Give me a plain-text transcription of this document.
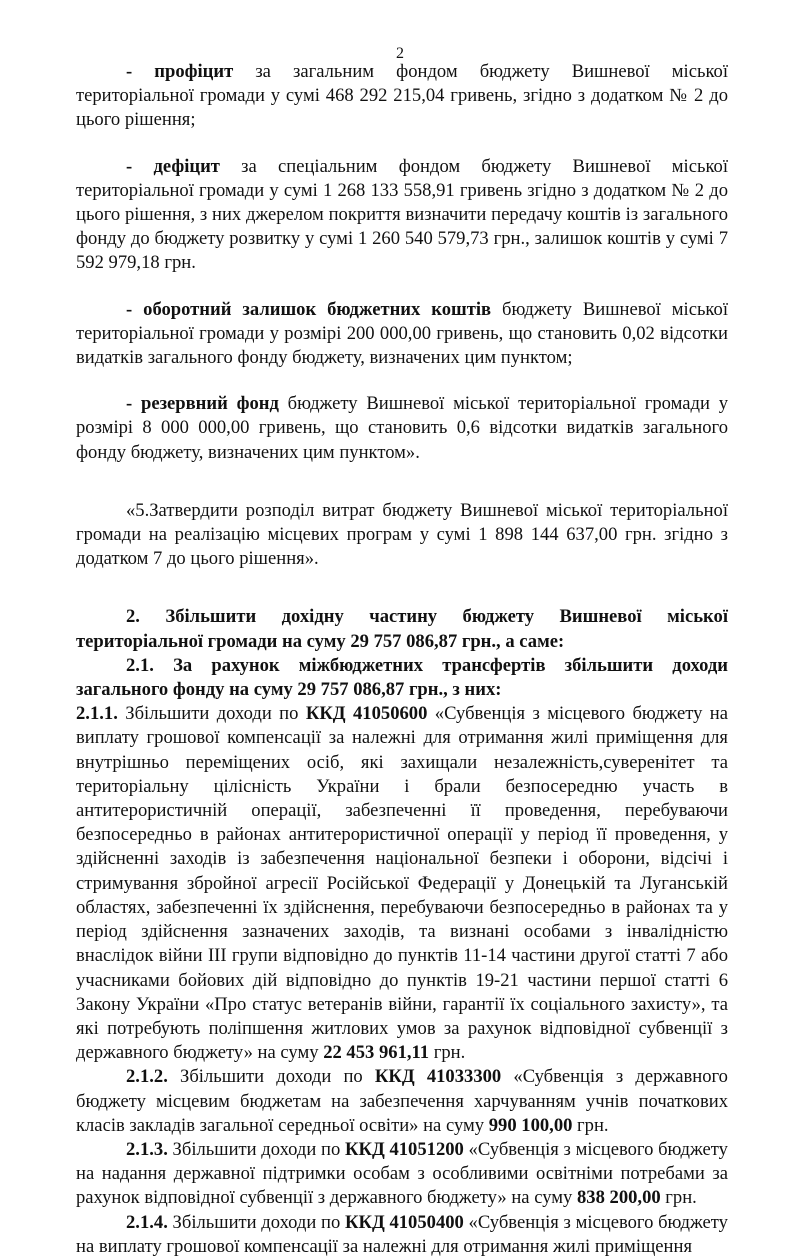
2

- профіцит за загальним фондом бюджету Вишневої міської територіальної громади у сумі 468 292 215,04 гривень, згідно з додатком № 2 до цього рішення;

- дефіцит за спеціальним фондом бюджету Вишневої міської територіальної громади у сумі 1 268 133 558,91 гривень згідно з додатком № 2 до цього рішення, з них джерелом покриття визначити передачу коштів із загального фонду до бюджету розвитку у сумі 1 260 540 579,73 грн., залишок коштів у сумі 7 592 979,18 грн.

- оборотний залишок бюджетних коштів бюджету Вишневої міської територіальної громади у розмірі 200 000,00 гривень, що становить 0,02 відсотки видатків загального фонду бюджету, визначених цим пунктом;

- резервний фонд бюджету Вишневої міської територіальної громади у розмірі 8 000 000,00 гривень, що становить 0,6 відсотки видатків загального фонду бюджету, визначених цим пунктом».

«5.Затвердити розподіл витрат бюджету Вишневої міської територіальної громади на реалізацію місцевих програм у сумі 1 898 144 637,00 грн. згідно з додатком 7 до цього рішення».

2. Збільшити дохідну частину бюджету Вишневої міської територіальної громади на суму 29 757 086,87 грн., а саме:

2.1. За рахунок міжбюджетних трансфертів збільшити доходи загального фонду на суму 29 757 086,87 грн., з них:

2.1.1. Збільшити доходи по ККД 41050600 «Субвенція з місцевого бюджету на виплату грошової компенсації за належні для отримання жилі приміщення для внутрішньо переміщених осіб, які захищали незалежність,суверенітет та територіальну цілісність України і брали безпосередню участь в антитерористичній операції, забезпеченні її проведення, перебуваючи безпосередньо в районах антитерористичної операції у період її проведення, у здійсненні заходів із забезпечення національної безпеки і оборони, відсічі і стримування збройної агресії Російської Федерації у Донецькій та Луганській областях, забезпеченні їх здійснення, перебуваючи безпосередньо в районах та у період здійснення зазначених заходів, та визнані особами з інвалідністю внаслідок війни ІІІ групи відповідно до пунктів 11-14 частини другої статті 7 або учасниками бойових дій відповідно до пунктів 19-21 частини першої статті 6 Закону України «Про статус ветеранів війни, гарантії їх соціального захисту», та які потребують поліпшення житлових умов за рахунок відповідної субвенції з державного бюджету» на суму 22 453 961,11 грн.

2.1.2. Збільшити доходи по ККД 41033300 «Субвенція з державного бюджету місцевим бюджетам на забезпечення харчуванням учнів початкових класів закладів загальної середньої освіти» на суму 990 100,00 грн.

2.1.3. Збільшити доходи по ККД 41051200 «Субвенція з місцевого бюджету на надання державної підтримки особам з особливими освітніми потребами за рахунок відповідної субвенції з державного бюджету» на суму 838 200,00 грн.

2.1.4. Збільшити доходи по ККД 41050400 «Субвенція з місцевого бюджету на виплату грошової компенсації за належні для отримання жилі приміщення
